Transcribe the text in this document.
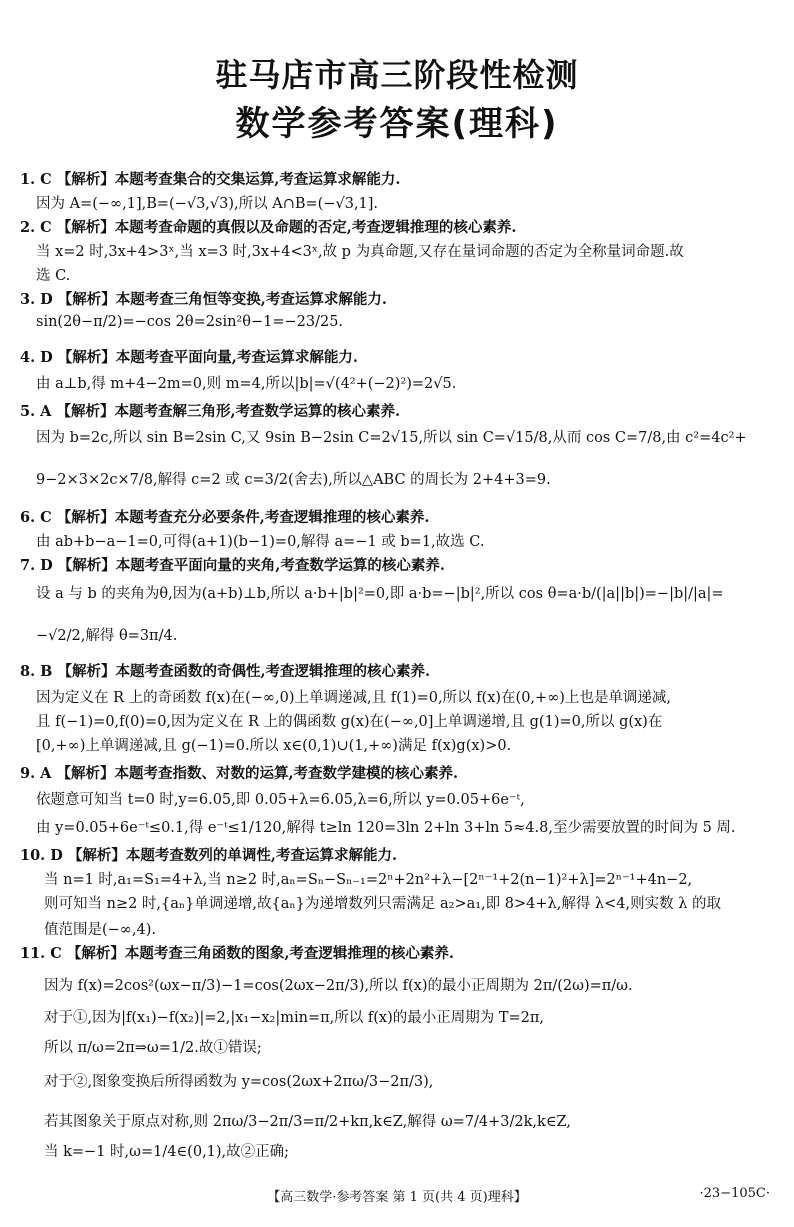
驻马店市高三阶段性检测
数学参考答案(理科)
1. C 【解析】本题考查集合的交集运算,考查运算求解能力.
因为 A=(−∞,1],B=(−√3,√3),所以 A∩B=(−√3,1].
2. C 【解析】本题考查命题的真假以及命题的否定,考查逻辑推理的核心素养.
当 x=2 时,3x+4>3ˣ,当 x=3 时,3x+4<3ˣ,故 p 为真命题,又存在量词命题的否定为全称量词命题.故
选 C.
3. D 【解析】本题考查三角恒等变换,考查运算求解能力.
sin(2θ−π/2)=−cos 2θ=2sin²θ−1=−23/25.
4. D 【解析】本题考查平面向量,考查运算求解能力.
由 a⊥b,得 m+4−2m=0,则 m=4,所以|b|=√(4²+(−2)²)=2√5.
5. A 【解析】本题考查解三角形,考查数学运算的核心素养.
因为 b=2c,所以 sin B=2sin C,又 9sin B−2sin C=2√15,所以 sin C=√15/8,从而 cos C=7/8,由 c²=4c²+
9−2×3×2c×7/8,解得 c=2 或 c=3/2(舍去),所以△ABC 的周长为 2+4+3=9.
6. C 【解析】本题考查充分必要条件,考查逻辑推理的核心素养.
由 ab+b−a−1=0,可得(a+1)(b−1)=0,解得 a=−1 或 b=1,故选 C.
7. D 【解析】本题考查平面向量的夹角,考查数学运算的核心素养.
设 a 与 b 的夹角为θ,因为(a+b)⊥b,所以 a·b+|b|²=0,即 a·b=−|b|²,所以 cos θ=a·b/(|a||b|)=−|b|/|a|=
−√2/2,解得 θ=3π/4.
8. B 【解析】本题考查函数的奇偶性,考查逻辑推理的核心素养.
因为定义在 R 上的奇函数 f(x)在(−∞,0)上单调递减,且 f(1)=0,所以 f(x)在(0,+∞)上也是单调递减,
且 f(−1)=0,f(0)=0,因为定义在 R 上的偶函数 g(x)在(−∞,0]上单调递增,且 g(1)=0,所以 g(x)在
[0,+∞)上单调递减,且 g(−1)=0.所以 x∈(0,1)∪(1,+∞)满足 f(x)g(x)>0.
9. A 【解析】本题考查指数、对数的运算,考查数学建模的核心素养.
依题意可知当 t=0 时,y=6.05,即 0.05+λ=6.05,λ=6,所以 y=0.05+6e⁻ᵗ,
由 y=0.05+6e⁻ᵗ≤0.1,得 e⁻ᵗ≤1/120,解得 t≥ln 120=3ln 2+ln 3+ln 5≈4.8,至少需要放置的时间为 5 周.
10. D 【解析】本题考查数列的单调性,考查运算求解能力.
当 n=1 时,a₁=S₁=4+λ,当 n≥2 时,aₙ=Sₙ−Sₙ₋₁=2ⁿ+2n²+λ−[2ⁿ⁻¹+2(n−1)²+λ]=2ⁿ⁻¹+4n−2,
则可知当 n≥2 时,{aₙ}单调递增,故{aₙ}为递增数列只需满足 a₂>a₁,即 8>4+λ,解得 λ<4,则实数 λ 的取
值范围是(−∞,4).
11. C 【解析】本题考查三角函数的图象,考查逻辑推理的核心素养.
因为 f(x)=2cos²(ωx−π/3)−1=cos(2ωx−2π/3),所以 f(x)的最小正周期为 2π/(2ω)=π/ω.
对于①,因为|f(x₁)−f(x₂)|=2,|x₁−x₂|min=π,所以 f(x)的最小正周期为 T=2π,
所以 π/ω=2π⇒ω=1/2.故①错误;
对于②,图象变换后所得函数为 y=cos(2ωx+2πω/3−2π/3),
若其图象关于原点对称,则 2πω/3−2π/3=π/2+kπ,k∈Z,解得 ω=7/4+3/2k,k∈Z,
当 k=−1 时,ω=1/4∈(0,1),故②正确;
【高三数学·参考答案 第 1 页(共 4 页)理科】	·23−105C·
